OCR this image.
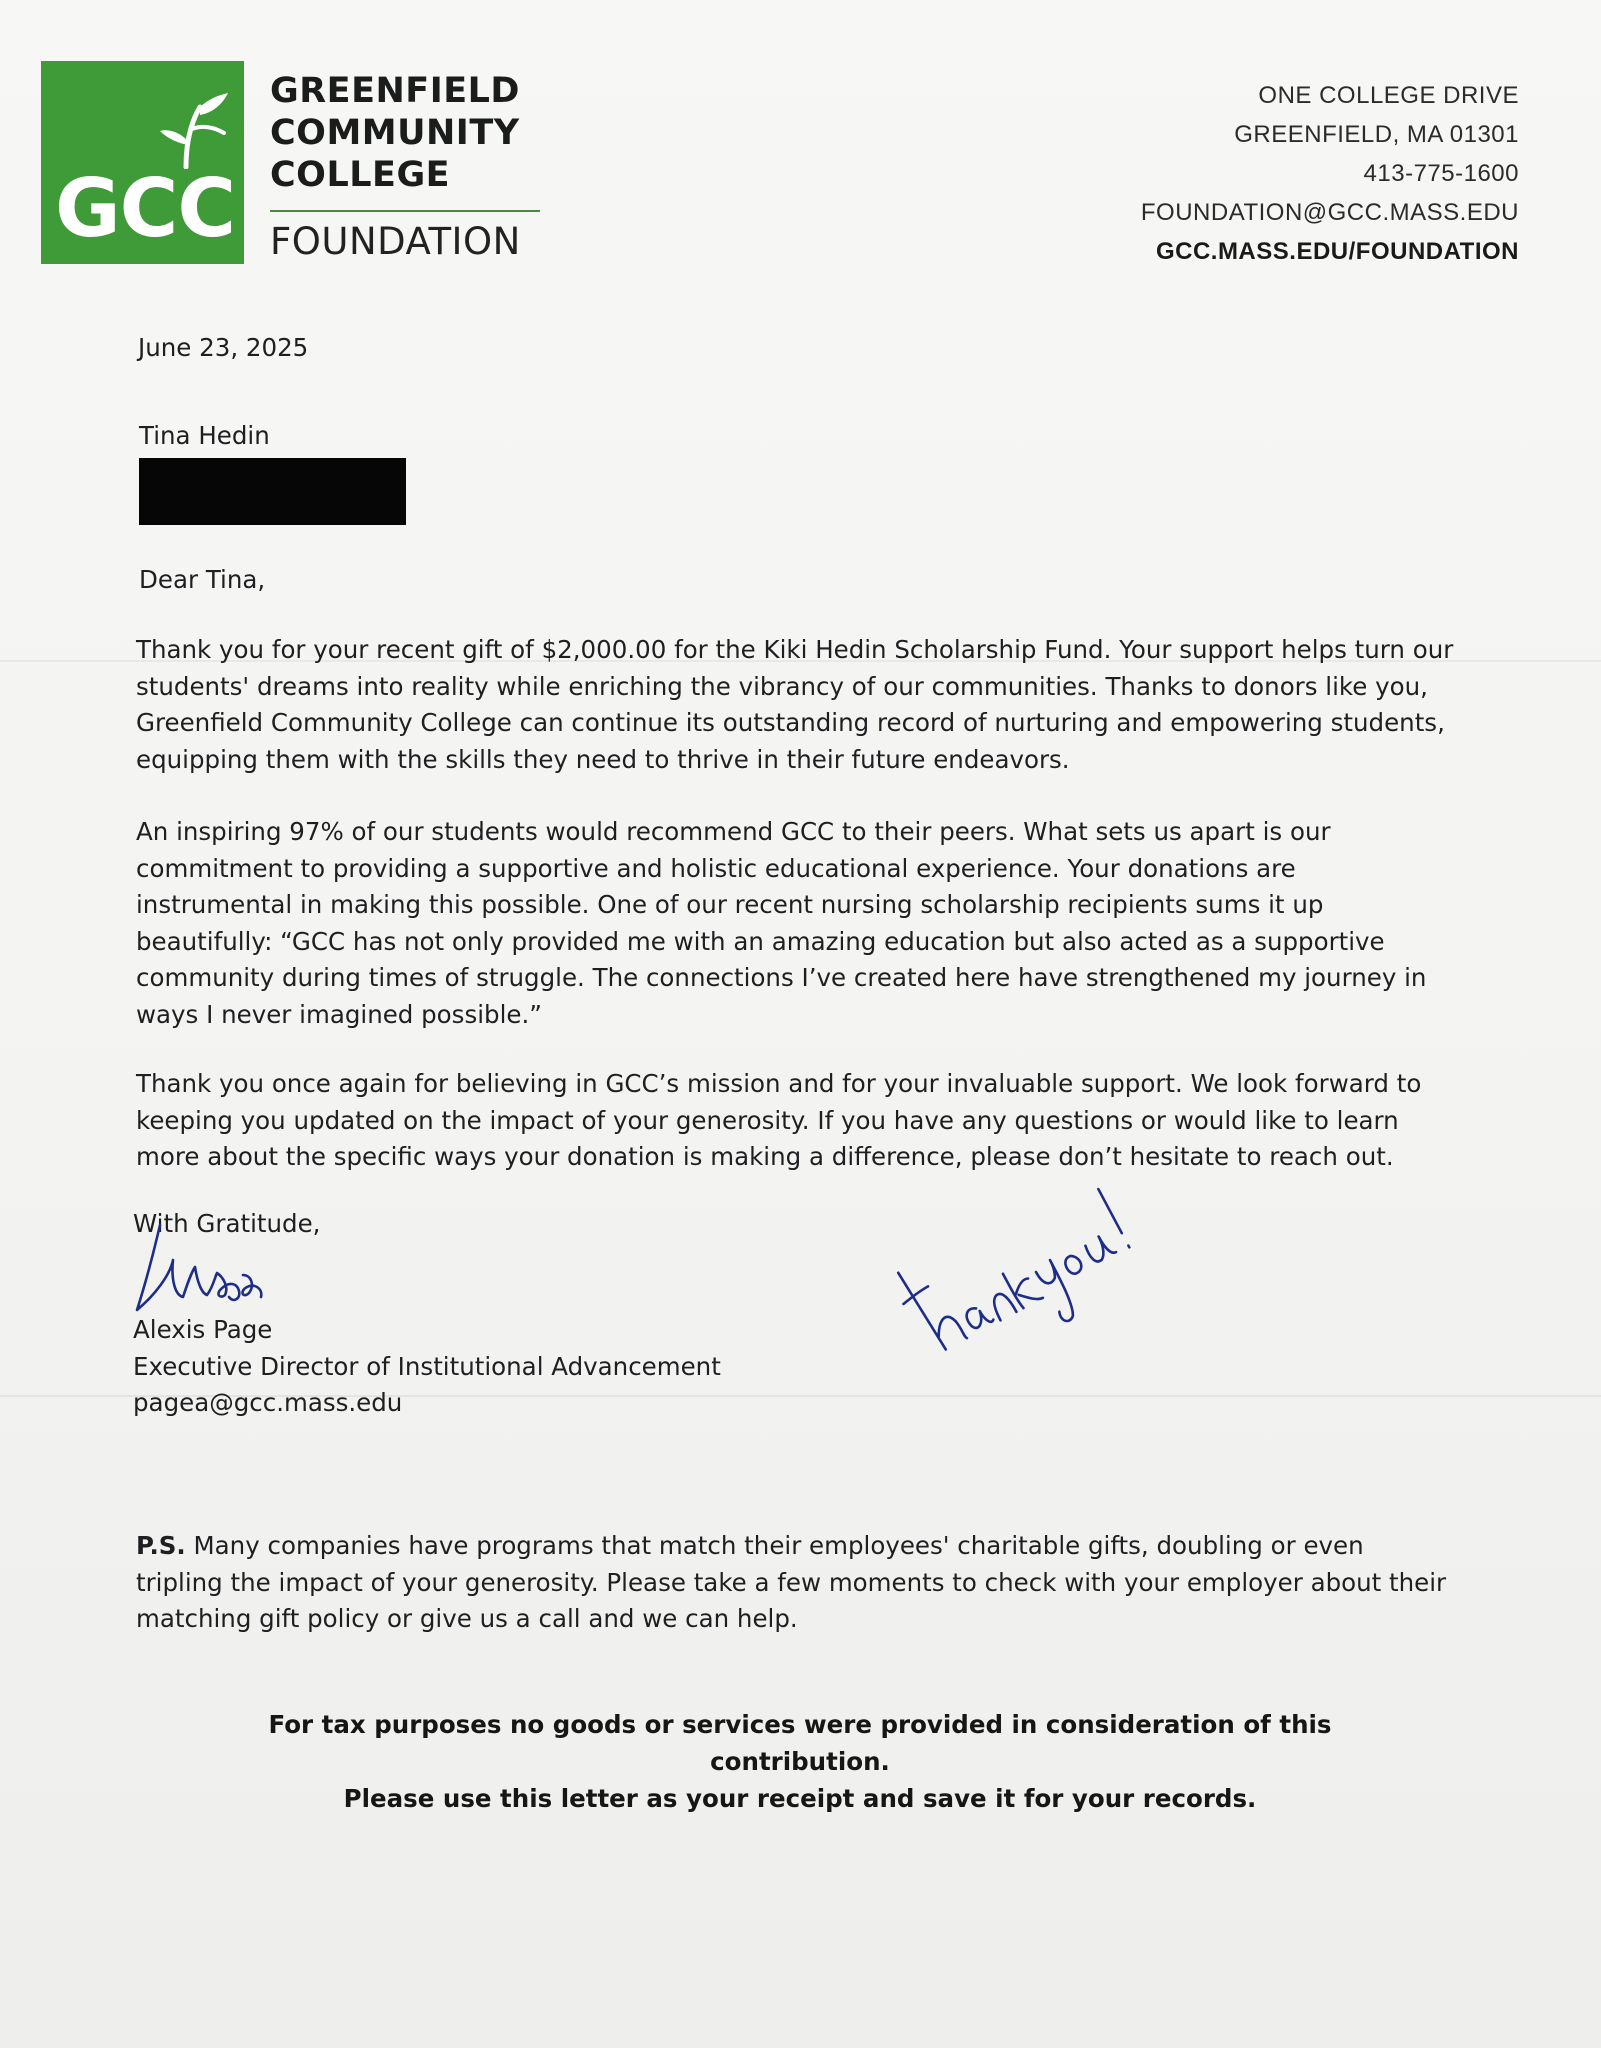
GCC
GREENFIELD
COMMUNITY
COLLEGE
FOUNDATION
ONE COLLEGE DRIVE
GREENFIELD, MA 01301
413-775-1600
FOUNDATION@GCC.MASS.EDU
GCC.MASS.EDU/FOUNDATION
June 23, 2025
Tina Hedin
Dear Tina,
Thank you for your recent gift of $2,000.00 for the Kiki Hedin Scholarship Fund. Your support helps turn our students' dreams into reality while enriching the vibrancy of our communities. Thanks to donors like you, Greenfield Community College can continue its outstanding record of nurturing and empowering students, equipping them with the skills they need to thrive in their future endeavors.
An inspiring 97% of our students would recommend GCC to their peers. What sets us apart is our commitment to providing a supportive and holistic educational experience. Your donations are instrumental in making this possible. One of our recent nursing scholarship recipients sums it up beautifully: “GCC has not only provided me with an amazing education but also acted as a supportive community during times of struggle. The connections I’ve created here have strengthened my journey in ways I never imagined possible.”
Thank you once again for believing in GCC’s mission and for your invaluable support. We look forward to keeping you updated on the impact of your generosity. If you have any questions or would like to learn more about the specific ways your donation is making a difference, please don’t hesitate to reach out.
With Gratitude,
Alexis Page
Executive Director of Institutional Advancement
pagea@gcc.mass.edu
P.S. Many companies have programs that match their employees' charitable gifts, doubling or even tripling the impact of your generosity. Please take a few moments to check with your employer about their matching gift policy or give us a call and we can help.
For tax purposes no goods or services were provided in consideration of this contribution.
Please use this letter as your receipt and save it for your records.
